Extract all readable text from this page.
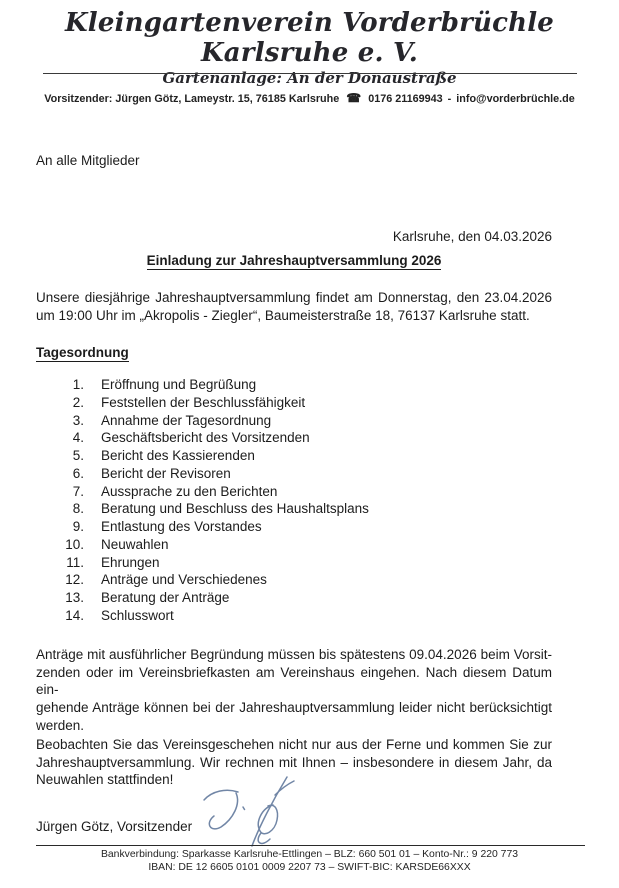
Kleingartenverein Vorderbrüchle Karlsruhe e. V.
Gartenanlage: An der Donaustraße
Vorsitzender: Jürgen Götz, Lameystr. 15, 76185 Karlsruhe ☎ 0176 21169943 - info@vorderbrüchle.de
An alle Mitglieder
Karlsruhe, den 04.03.2026
Einladung zur Jahreshauptversammlung 2026
Unsere diesjährige Jahreshauptversammlung findet am Donnerstag, den 23.04.2026
um 19:00 Uhr im „Akropolis - Ziegler“, Baumeisterstraße 18, 76137 Karlsruhe statt.
Tagesordnung
1.	Eröffnung und Begrüßung
2.	Feststellen der Beschlussfähigkeit
3.	Annahme der Tagesordnung
4.	Geschäftsbericht des Vorsitzenden
5.	Bericht des Kassierenden
6.	Bericht der Revisoren
7.	Aussprache zu den Berichten
8.	Beratung und Beschluss des Haushaltsplans
9.	Entlastung des Vorstandes
10.	Neuwahlen
11.	Ehrungen
12.	Anträge und Verschiedenes
13.	Beratung der Anträge
14.	Schlusswort
Anträge mit ausführlicher Begründung müssen bis spätestens 09.04.2026 beim Vorsit-
zenden oder im Vereinsbriefkasten am Vereinshaus eingehen. Nach diesem Datum ein-
gehende Anträge können bei der Jahreshauptversammlung leider nicht berücksichtigt
werden.
Beobachten Sie das Vereinsgeschehen nicht nur aus der Ferne und kommen Sie zur
Jahreshauptversammlung. Wir rechnen mit Ihnen – insbesondere in diesem Jahr, da
Neuwahlen stattfinden!
Jürgen Götz, Vorsitzender
Bankverbindung: Sparkasse Karlsruhe-Ettlingen – BLZ: 660 501 01 – Konto-Nr.: 9 220 773
IBAN: DE 12 6605 0101 0009 2207 73 – SWIFT-BIC: KARSDE66XXX
